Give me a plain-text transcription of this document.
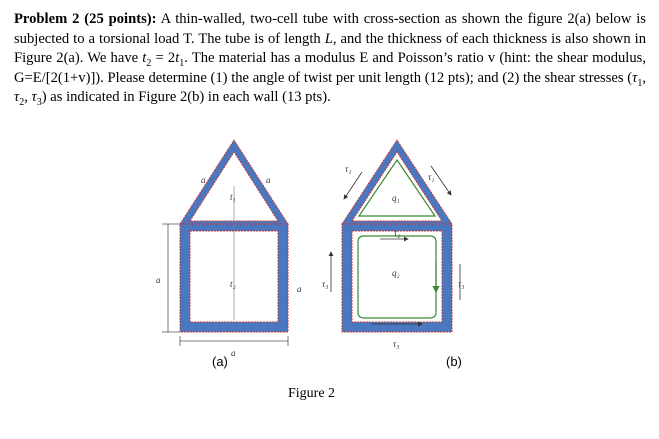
Problem 2 (25 points): A thin-walled, two-cell tube with cross-section as shown the figure 2(a) below is subjected to a torsional load T. The tube is of length L, and the thickness of each thickness is also shown in Figure 2(a). We have $t_2 = 2t_1$. The material has a modulus E and Poisson’s ratio v (hint: the shear modulus, G=E/[2(1+v)]). Please determine (1) the angle of twist per unit length (12 pts); and (2) the shear stresses ($\tau_1$, $\tau_2$, $\tau_3$) as indicated in Figure 2(b) in each wall (13 pts).
a	a
a
a
a
t₁
t₂
(a)
τ₁
τ₁
q₁
τ₂
q₂
τ₃	τ₃
τ₃
(b)
Figure 2
